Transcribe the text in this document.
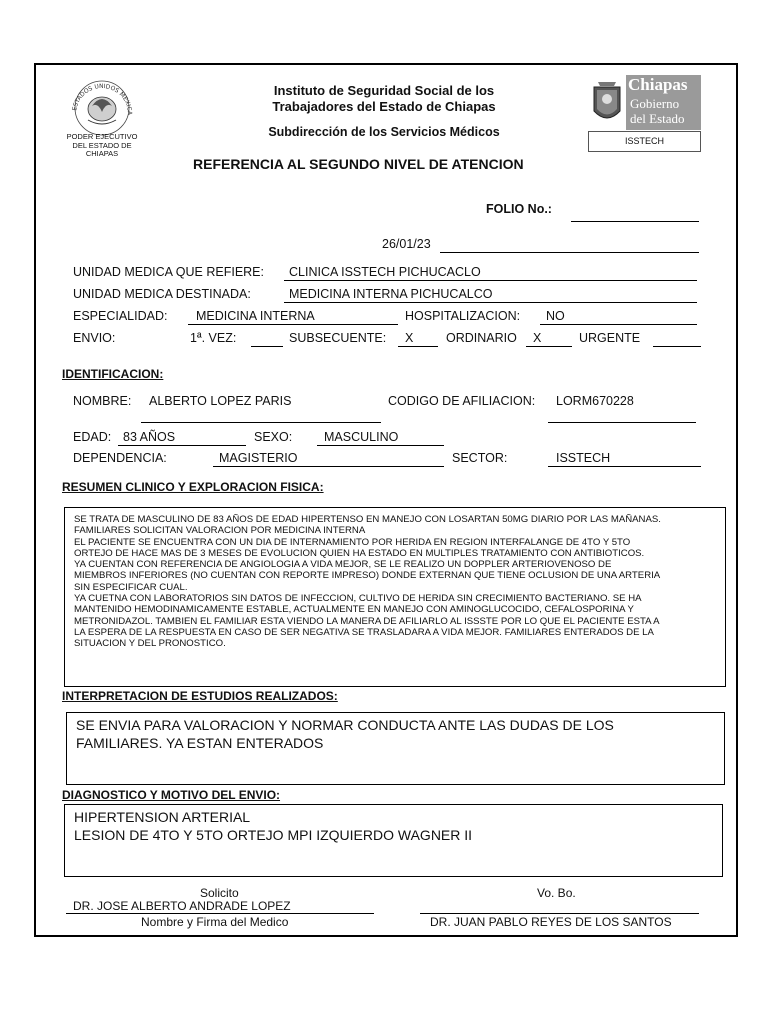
ESTADOS UNIDOS MEXICA
PODER EJECUTIVO
DEL ESTADO DE
CHIAPAS
Instituto de Seguridad Social de los
Trabajadores del Estado de Chiapas
Subdirección de los Servicios Médicos
REFERENCIA AL SEGUNDO NIVEL DE ATENCION
Chiapas
Gobierno
del Estado
ISSTECH
FOLIO No.:
26/01/23
UNIDAD MEDICA QUE REFIERE: CLINICA ISSTECH PICHUCACLO
UNIDAD MEDICA DESTINADA:	MEDICINA INTERNA PICHUCALCO
ESPECIALIDAD: MEDICINA INTERNA	HOSPITALIZACION: NO
ENVIO:	1ª. VEZ:	SUBSECUENTE: X	ORDINARIO X	URGENTE
IDENTIFICACION:
NOMBRE: ALBERTO LOPEZ PARIS	CODIGO DE AFILIACION: LORM670228
EDAD: 83 AÑOS	SEXO:	MASCULINO
DEPENDENCIA:	MAGISTERIO	SECTOR:	ISSTECH
RESUMEN CLINICO Y EXPLORACION FISICA:
SE TRATA DE MASCULINO DE 83 AÑOS DE EDAD HIPERTENSO EN MANEJO CON LOSARTAN 50MG DIARIO POR LAS MAÑANAS.
FAMILIARES SOLICITAN VALORACION POR MEDICINA INTERNA
EL PACIENTE SE ENCUENTRA CON UN DIA DE INTERNAMIENTO POR HERIDA EN REGION INTERFALANGE DE 4TO Y 5TO
ORTEJO DE HACE MAS DE 3 MESES DE EVOLUCION QUIEN HA ESTADO EN MULTIPLES TRATAMIENTO CON ANTIBIOTICOS.
YA CUENTAN CON REFERENCIA DE ANGIOLOGIA A VIDA MEJOR, SE LE REALIZO UN DOPPLER ARTERIOVENOSO DE
MIEMBROS INFERIORES (NO CUENTAN CON REPORTE IMPRESO) DONDE EXTERNAN QUE TIENE OCLUSION DE UNA ARTERIA
SIN ESPECIFICAR CUAL.
YA CUETNA CON LABORATORIOS SIN DATOS DE INFECCION, CULTIVO DE HERIDA SIN CRECIMIENTO BACTERIANO. SE HA
MANTENIDO HEMODINAMICAMENTE ESTABLE, ACTUALMENTE EN MANEJO CON AMINOGLUCOCIDO, CEFALOSPORINA Y
METRONIDAZOL. TAMBIEN EL FAMILIAR ESTA VIENDO LA MANERA DE AFILIARLO AL ISSSTE POR LO QUE EL PACIENTE ESTA A
LA ESPERA DE LA RESPUESTA EN CASO DE SER NEGATIVA SE TRASLADARA A VIDA MEJOR. FAMILIARES ENTERADOS DE LA
SITUACION Y DEL PRONOSTICO.
INTERPRETACION DE ESTUDIOS REALIZADOS:
SE ENVIA PARA VALORACION Y NORMAR CONDUCTA ANTE LAS DUDAS DE LOS
FAMILIARES. YA ESTAN ENTERADOS
DIAGNOSTICO Y MOTIVO DEL ENVIO:
HIPERTENSION ARTERIAL
LESION DE 4TO Y 5TO ORTEJO MPI IZQUIERDO WAGNER II
Solicito
DR. JOSE ALBERTO ANDRADE LOPEZ
Nombre y Firma del Medico
Vo. Bo.
DR. JUAN PABLO REYES DE LOS SANTOS
